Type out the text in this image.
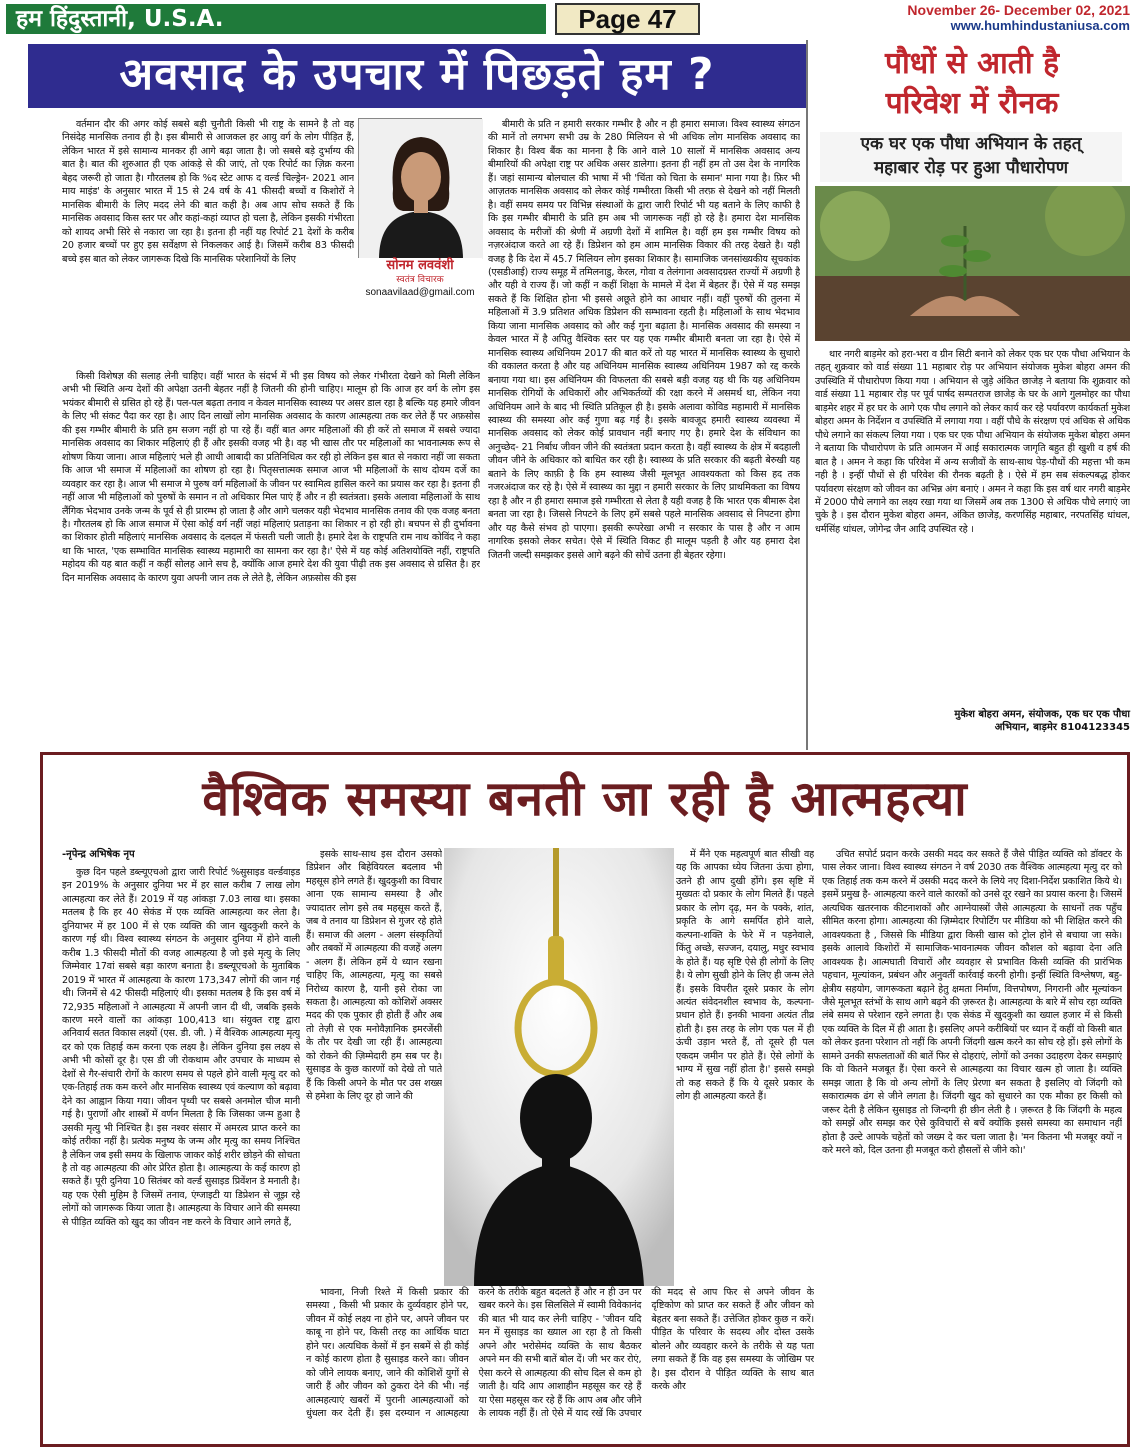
हम हिंदुस्तानी, U.S.A.	Page 47	November 26- December 02, 2021
www.humhindustaniusa.com
अवसाद के उपचार में पिछड़ते हम ?
सोनम लववंशी
स्वतंत्र विचारक
sonaavilaad@gmail.com

वर्तमान दौर की अगर कोई सबसे बड़ी चुनौती किसी भी राष्ट्र के सामने है तो वह निसंदेह मानसिक तनाव ही है। इस बीमारी से आजकल हर आयु वर्ग के लोग पीड़ित हैं, लेकिन भारत में इसे सामान्य मानकर ही आगे बढ़ा जाता है। जो सबसे बड़े दुर्भाग्य की बात है। बात की शुरुआत ही एक आंकड़े से की जाएं, तो एक रिपोर्ट का ज़िक्र करना बेहद जरूरी हो जाता है। गौरतलब हो कि %द स्टेट आफ द वर्ल्ड चिल्ड्रेन- 2021 आन माय माइंड' के अनुसार भारत में 15 से 24 वर्ष के 41 फीसदी बच्चों व किशोरों ने मानसिक बीमारी के लिए मदद लेने की बात कही है। अब आप सोच सकते हैं कि मानसिक अवसाद किस स्तर पर और कहां-कहां व्याप्त हो चला है, लेकिन इसकी गंभीरता को शायद अभी सिरे से नकारा जा रहा है। इतना ही नहीं यह रिपोर्ट 21 देशों के करीब 20 हजार बच्चों पर हुए इस सर्वेक्षण से निकलकर आई है। जिसमें करीब 83 फीसदी बच्चे इस बात को लेकर जागरूक दिखे कि मानसिक परेशानियों के लिए

किसी विशेषज्ञ की सलाह लेनी चाहिए। वहीं भारत के संदर्भ में भी इस विषय को लेकर गंभीरता देखने को मिली लेकिन अभी भी स्थिति अन्य देशों की अपेक्षा उतनी बेहतर नहीं है जितनी की होनी चाहिए। मालूम हो कि आज हर वर्ग के लोग इस भयंकर बीमारी से ग्रसित हो रहे हैं। पल-पल बढ़ता तनाव न केवल मानसिक स्वास्थ्य पर असर डाल रहा है बल्कि यह हमारे जीवन के लिए भी संकट पैदा कर रहा है। आए दिन लाखों लोग मानसिक अवसाद के कारण आत्महत्या तक कर लेते हैं पर अफ़सोस की इस गम्भीर बीमारी के प्रति हम सजग नहीं हो पा रहे हैं। वहीं बात अगर महिलाओं की ही करें तो समाज में सबसे ज्यादा मानसिक अवसाद का शिकार महिलाएं ही हैं और इसकी वजह भी है। वह भी खास तौर पर महिलाओं का भावनात्मक रूप से शोषण किया जाना। आज महिलाएं भले ही आधी आबादी का प्रतिनिधित्व कर रही हो लेकिन इस बात से नकारा नहीं जा सकता कि आज भी समाज में महिलाओं का शोषण हो रहा है। पितृसत्तात्मक समाज आज भी महिलाओं के साथ दोयम दर्जे का व्यवहार कर रहा है। आज भी समाज मे पुरुष वर्ग महिलाओं के जीवन पर स्वामित्व हासिल करने का प्रयास कर रहा है। इतना ही नहीं आज भी महिलाओं को पुरुषों के समान न तो अधिकार मिल पाएं हैं और न ही स्वतंत्रता। इसके अलावा महिलाओं के साथ लैंगिक भेदभाव उनके जन्म के पूर्व से ही प्रारम्भ हो जाता है और आगे चलकर यही भेदभाव मानसिक तनाव की एक वजह बनता है। गौरतलब हो कि आज समाज में ऐसा कोई वर्ग नहीं जहां महिलाएं प्रताड़ना का शिकार न हो रही हो। बचपन से ही दुर्भावना का शिकार होती महिलाएं मानसिक अवसाद के दलदल में फंसती चली जाती है। हमारे देश के राष्ट्रपति राम नाथ कोविंद ने कहा था कि भारत, 'एक सम्भावित मानसिक स्वास्थ्य महामारी का सामना कर रहा है।' ऐसे में यह कोई अतिशयोक्ति नहीं, राष्ट्रपति महोदय की यह बात कहीं न कहीं सोलह आने सच है, क्योंकि आज हमारे देश की युवा पीढ़ी तक इस अवसाद से ग्रसित है। हर दिन मानसिक अवसाद के कारण युवा अपनी जान तक ले लेते है, लेकिन अफ़सोस की इस

बीमारी के प्रति न हमारी सरकार गम्भीर है और न ही हमारा समाज। विश्व स्वास्थ्य संगठन की मानें तो लगभग सभी उम्र के 280 मिलियन से भी अधिक लोग मानसिक अवसाद का शिकार है। विश्व बैंक का मानना है कि आने वाले 10 सालों में मानसिक अवसाद अन्य बीमारियों की अपेक्षा राष्ट्र पर अधिक असर डालेगा। इतना ही नहीं हम तो उस देश के नागरिक हैं। जहां सामान्य बोलचाल की भाषा में भी 'चिंता को चिता के समान' माना गया है। फ़िर भी आज़तक मानसिक अवसाद को लेकर कोई गम्भीरता किसी भी तरफ़ से देखने को नहीं मिलती है। वहीं समय समय पर विभिन्न संस्थाओं के द्वारा जारी रिपोर्ट भी यह बताने के लिए काफी है कि इस गम्भीर बीमारी के प्रति हम अब भी जागरूक नहीं हो रहे है। हमारा देश मानसिक अवसाद के मरीजों की श्रेणी में अग्रणी देशों में शामिल है। वहीं हम इस गम्भीर विषय को नज़रअंदाज करते आ रहे हैं। डिप्रेशन को हम आम मानसिक विकार की तरह देखते है। यही वजह है कि देश में 45.7 मिलियन लोग इसका शिकार है। सामाजिक जनसांख्यकीय सूचकांक (एसडीआई) राज्य समूह में तमिलनाडु, केरल, गोवा व तेलंगाना अवसादग्रस्त राज्यों में अग्रणी है और यही वे राज्य हैं। जो कहीं न कहीं शिक्षा के मामले में देश में बेहतर हैं। ऐसे में यह समझ सकते हैं कि शिक्षित होना भी इससे अछूते होने का आधार नहीं। वहीं पुरुषों की तुलना में महिलाओं में 3.9 प्रतिशत अधिक डिप्रेशन की सम्भावना रहती है। महिलाओं के साथ भेदभाव किया जाना मानसिक अवसाद को और कई गुना बढ़ाता है। मानसिक अवसाद की समस्या न केवल भारत में है अपितु वैश्विक स्तर पर यह एक गम्भीर बीमारी बनता जा रहा है। ऐसे में मानसिक स्वास्थ्य अधिनियम 2017 की बात करें तो यह भारत में मानसिक स्वास्थ्य के सुधारो की वकालत करता है और यह अधिनियम मानसिक स्वास्थ्य अधिनियम 1987 को रद्द करके बनाया गया था। इस अधिनियम की विफलता की सबसे बड़ी वजह यह थी कि यह अधिनियम मानसिक रोगियों के अधिकारों और अभिकर्तव्यों की रक्षा करने में असमर्थ था, लेकिन नया अधिनियम आने के बाद भी स्थिति प्रतिकूल ही है। इसके अलावा कोविड महामारी में मानसिक स्वास्थ्य की समस्या ओर कई गुणा बढ़ गई है। इसके बावजूद हमारी स्वास्थ्य व्यवस्था में मानसिक अवसाद को लेकर कोई प्रावधान नहीं बनाए गए है। हमारे देश के संविधान का अनुच्छेद- 21 निर्बाध जीवन जीने की स्वतंत्रता प्रदान करता है। वहीं स्वास्थ्य के क्षेत्र में बदहाली जीवन जीने के अधिकार को बाधित कर रही है। स्वास्थ्य के प्रति सरकार की बढ़ती बेरुखी यह बताने के लिए काफ़ी है कि हम स्वास्थ्य जैसी मूलभूत आवश्यकता को किस हद तक नजरअंदाज कर रहे है। ऐसे में स्वास्थ्य का मुद्दा न हमारी सरकार के लिए प्राथमिकता का विषय रहा है और न ही हमारा समाज इसे गम्भीरता से लेता है यही वजह है कि भारत एक बीमारू देश बनता जा रहा है। जिससे निपटने के लिए हमें सबसे पहले मानसिक अवसाद से निपटना होगा और यह कैसे संभव हो पाएगा। इसकी रूपरेखा अभी न सरकार के पास है और न आम नागरिक इसको लेकर सचेत। ऐसे में स्थिति विकट ही मालूम पड़ती है और यह हमारा देश जितनी जल्दी समझकर इससे आगे बढ़ने की सोचें उतना ही बेहतर रहेगा।

पौधों से आती है
परिवेश में रौनक
एक घर एक पौधा अभियान के तहत्
महाबार रोड़ पर हुआ पौधारोपण

थार नगरी बाड़मेर को हरा-भरा व ग्रीन सिटी बनाने को लेकर एक घर एक पौधा अभियान के तहत् शुक्रवार को वार्ड संख्या 11 महाबार रोड़ पर अभियान संयोजक मुकेश बोहरा अमन की उपस्थिति में पौधारोपण किया गया । अभियान से जुड़े अंकित छाजेड़ ने बताया कि शुक्रवार को वार्ड संख्या 11 महाबार रोड़ पर पूर्व पार्षद सम्पतराज छाजेड़ के घर के आगे गुलमोहर का पौधा बाड़मेर शहर में हर घर के आगे एक पौध लगाने को लेकर कार्य कर रहे पर्यावरण कार्यकर्ता मुकेश बोहरा अमन के निर्देशन व उपस्थिति में लगाया गया । वहीं पौधे के संरक्षण एवं अधिक से अधिक पौधे लगाने का संकल्प लिया गया । एक घर एक पौधा अभियान के संयोजक मुकेश बोहरा अमन ने बताया कि पौधारोपण के प्रति आमजन में आई सकारात्मक जागृति बहुत ही खुशी व हर्ष की बात है । अमन ने कहा कि परिवेश में अन्य सजीवों के साथ-साथ पेड़-पौधों की महत्ता भी कम नही है । इन्हीं पौधों से ही परिवेश की रौनक बढ़ती है । ऐसे में हम सब संकल्पबद्ध होकर पर्यावरण संरक्षण को जीवन का अभिन्न अंग बनाएं । अमन ने कहा कि इस वर्ष थार नगरी बाड़मेर में 2000 पौधे लगाने का लक्ष्य रखा गया था जिसमें अब तक 1300 से अधिक पौधे लगाएं जा चुके है । इस दौरान मुकेश बोहरा अमन, अंकित छाजेड़, करणसिंह महाबार, नरपतसिंह धांधल, धर्मसिंह धांधल, जोगेन्द्र जैन आदि उपस्थित रहे ।

मुकेश बोहरा अमन, संयोजक, एक घर एक पौधा
अभियान, बाड़मेर 8104123345
वैश्विक समस्या बनती जा रही है आत्महत्या
-नृपेन्द्र अभिषेक नृप

कुछ दिन पहले डब्ल्यूएचओ द्वारा जारी रिपोर्ट %सुसाइड वर्ल्डवाइड इन 2019% के अनुसार दुनिया भर में हर साल करीब 7 लाख लोग आत्महत्या कर लेते हैं। 2019 में यह आंकड़ा 7.03 लाख था। इसका मतलब है कि हर 40 सेकंड में एक व्यक्ति आत्महत्या कर लेता है। दुनियाभर में हर 100 में से एक व्यक्ति की जान खुदकुशी करने के कारण गई थी। विश्व स्वास्थ्य संगठन के अनुसार दुनिया में होने वाली करीब 1.3 फीसदी मौतों की वजह आत्महत्या है जो इसे मृत्यु के लिए जिम्मेवार 17वां सबसे बड़ा कारण बनाता है। डब्ल्यूएचओ के मुताबिक 2019 में भारत में आत्महत्या के कारण 173,347 लोगों की जान गई थी। जिनमें से 42 फीसदी महिलाएं थी। इसका मतलब है कि इस वर्ष में 72,935 महिलाओं ने आत्महत्या में अपनी जान दी थी, जबकि इसके कारण मरने वालों का आंकड़ा 100,413 था। संयुक्त राष्ट्र द्वारा अनिवार्य सतत विकास लक्ष्यों (एस. डी. जी. ) में वैश्विक आत्महत्या मृत्यु दर को एक तिहाई कम करना एक लक्ष्य है। लेकिन दुनिया इस लक्ष्य से अभी भी कोसों दूर है। एस डी जी रोकथाम और उपचार के माध्यम से देशों से गैर-संचारी रोगों के कारण समय से पहले होने वाली मृत्यु दर को एक-तिहाई तक कम करने और मानसिक स्वास्थ्य एवं कल्याण को बढ़ावा देने का आह्वान किया गया। जीवन पृथ्वी पर सबसे अनमोल चीज मानी गई है। पुराणों और शास्त्रों में वर्णन मिलता है कि जिसका जन्म हुआ है उसकी मृत्यु भी निश्चित है। इस नश्वर संसार में अमरत्व प्राप्त करने का कोई तरीका नहीं है। प्रत्येक मनुष्य के जन्म और मृत्यु का समय निश्चित है लेकिन जब इसी समय के खिलाफ जाकर कोई शरीर छोड़ने की सोचता है तो वह आत्महत्या की ओर प्रेरित होता है। आत्महत्या के कई कारण हो सकते हैं। पूरी दुनिया 10 सितंबर को वर्ल्ड सुसाइड प्रिवेंशन डे मनाती है। यह एक ऐसी मुहिम है जिसमें तनाव, एंग्जाइटी या डिप्रेशन से जूझ रहे लोगों को जागरूक किया जाता है। आत्महत्या के विचार आने की समस्या से पीड़ित व्यक्ति को खुद का जीवन नष्ट करने के विचार आने लगते हैं,

इसके साथ-साथ इस दौरान उसको डिप्रेशन और बिहेवियरल बदलाव भी महसूस होने लगते हैं। खुदकुशी का विचार आना एक सामान्य समस्या है और ज्यादातर लोग इसे तब महसूस करते हैं, जब वे तनाव या डिप्रेशन से गुजर रहे होते हैं। समाज की अलग - अलग संस्कृतियों और तबकों में आत्महत्या की वजहें अलग - अलग हैं। लेकिन हमें ये ध्यान रखना चाहिए कि, आत्महत्या, मृत्यु का सबसे निरोध्य कारण है, यानी इसे रोका जा सकता है। आत्महत्या को कोशिशें अक्सर मदद की एक पुकार ही होती हैं और अब तो तेज़ी से एक मनोवैज्ञानिक इमरजेंसी के तौर पर देखी जा रही हैं। आत्महत्या को रोकने की ज़िम्मेदारी हम सब पर है। सुसाइड के कुछ कारणों को देखे तो पाते हैं कि किसी अपने के मौत पर उस शख्स से हमेशा के लिए दूर हो जाने की

में मैंने एक महत्वपूर्ण बात सीखी वह यह कि आपका ध्येय जितना ऊंचा होगा, उतने ही आप दुखी होंगे। इस सृष्टि में मुख्यतः दो प्रकार के लोग मिलते हैं। पहले प्रकार के लोग दृढ़, मन के पक्के, शांत, प्रकृति के आगे समर्पित होने वाले, कल्पना-शक्ति के फेरे में न पड़नेवाले, किंतु अच्छे, सज्जन, दयालु, मधुर स्वभाव के होते हैं। यह सृष्टि ऐसे ही लोगों के लिए है। ये लोग सुखी होने के लिए ही जन्म लेते हैं। इसके विपरीत दूसरे प्रकार के लोग अत्यंत संवेदनशील स्वभाव के, कल्पना-प्रधान होते हैं। इनकी भावना अत्यंत तीव्र होती है। इस तरह के लोग एक पल में ही ऊंची उड़ान भरते हैं, तो दूसरे ही पल एकदम जमीन पर होते हैं। ऐसे लोगों के भाग्य में सुख नहीं होता है।' इससे समझे तो कह सकते हैं कि ये दूसरे प्रकार के लोग ही आत्महत्या करते हैं।

भावना, निजी रिश्ते में किसी प्रकार की समस्या , किसी भी प्रकार के दुर्व्यवहार होने पर, जीवन में कोई लक्ष्य ना होने पर, अपने जीवन पर काबू ना होने पर, किसी तरह का आर्थिक घाटा होने पर। अत्यधिक केसों में इन सबमें से ही कोई न कोई कारण होता है सुसाइड करने का। जीवन को जीने लायक बनाए, जाने की कोशिशें युगों से जारी हैं और जीवन को ठुकरा देने की भी। नई आत्महत्याएं खबरों में पुरानी आत्महत्याओं को धुंधला कर देती हैं। इस दरम्यान न आत्महत्या करने के तरीके बहुत बदलते हैं और न ही उन पर खबर करने के। इस सिलसिले में स्वामी विवेकानंद की बात भी याद कर लेनी चाहिए - 'जीवन यदि मन में सुसाइड का ख्याल आ रहा है तो किसी अपने और भरोसेमंद व्यक्ति के साथ बैठकर अपने मन की सभी बातें बोल दें। जी भर कर रोएं, ऐसा करने से आत्महत्या की सोच दिल से कम हो जाती है। यदि आप आशाहीन महसूस कर रहे हैं या ऐसा महसूस कर रहे हैं कि आप अब और जीने के लायक नहीं हैं। तो ऐसे में याद रखें कि उपचार की मदद से आप फिर से अपने जीवन के दृष्टिकोण को प्राप्त कर सकते हैं और जीवन को बेहतर बना सकते हैं। उत्तेजित होकर कुछ न करें। पीड़ित के परिवार के सदस्य और दोस्त उसके बोलने और व्यवहार करने के तरीके से यह पता लगा सकते हैं कि वह इस समस्या के जोखिम पर है। इस दौरान वे पीड़ित व्यक्ति के साथ बात करके और

उचित सपोर्ट प्रदान करके उसकी मदद कर सकते हैं जैसे पीड़ित व्यक्ति को डॉक्टर के पास लेकर जाना। विश्व स्वास्थ्य संगठन ने वर्ष 2030 तक वैश्विक आत्महत्या मृत्यु दर को एक तिहाई तक कम करने में उसकी मदद करने के लिये नए दिशा-निर्देश प्रकाशित किये थे। इसमें प्रमुख है- आत्महत्या करने वाले कारकों को उनसे दूर रखने का प्रयास करना है। जिसमें अत्यधिक खतरनाक कीटनाशकों और आग्नेयास्त्रों जैसे आत्महत्या के साधनों तक पहुँच सीमित करना होगा। आत्महत्या की ज़िम्मेदार रिपोर्टिंग पर मीडिया को भी शिक्षित करने की आवश्यकता है , जिससे कि मीडिया द्वारा किसी खास को ट्रोल होने से बचाया जा सके। इसके आलावे किशोरों में सामाजिक-भावनात्मक जीवन कौशल को बढ़ावा देना अति आवश्यक है। आत्मघाती विचारों और व्यवहार से प्रभावित किसी व्यक्ति की प्रारंभिक पहचान, मूल्यांकन, प्रबंधन और अनुवर्ती कार्रवाई करनी होगी। इन्हीं स्थिति विश्लेषण, बहु-क्षेत्रीय सहयोग, जागरूकता बढ़ाने हेतु क्षमता निर्माण, वित्तपोषण, निगरानी और मूल्यांकन जैसे मूलभूत स्तंभों के साथ आगे बढ़ने की ज़रूरत है। आत्महत्या के बारे में सोच रहा व्यक्ति लंबे समय से परेशान रहने लगता है। एक सेकंड में खुदकुशी का ख्याल हजार में से किसी एक व्यक्ति के दिल में ही आता है। इसलिए अपने करीबियों पर ध्यान दें कहीं वो किसी बात को लेकर इतना परेशान तो नहीं कि अपनी जिंदगी खत्म करने का सोच रहे हों। इसे लोगों के सामने उनकी सफलताओं की बातें फिर से दोहराएं, लोगों को उनका उदाहरण देकर समझाएं कि वो कितने मजबूत हैं। ऐसा करने से आत्महत्या का विचार खत्म हो जाता है। व्यक्ति समझ जाता है कि वो अन्य लोगों के लिए प्रेरणा बन सकता है इसलिए वो जिंदगी को सकारात्मक ढंग से जीने लगता है। जिंदगी खुद को सुधारने का एक मौका हर किसी को जरूर देती है लेकिन सुसाइड तो जिन्दगी ही छीन लेती है । ज़रूरत है कि जिंदगी के महत्व को समझें और समझ कर ऐसे कुविचारों से बचें क्योंकि इससे समस्या का समाधान नहीं होता है उल्टे आपके चहेतों को जख्म दे कर चला जाता है। 'मन कितना भी मजबूर क्यों न करे मरने को, दिल उतना ही मजबूत करो हौसलों से जीने को।'
